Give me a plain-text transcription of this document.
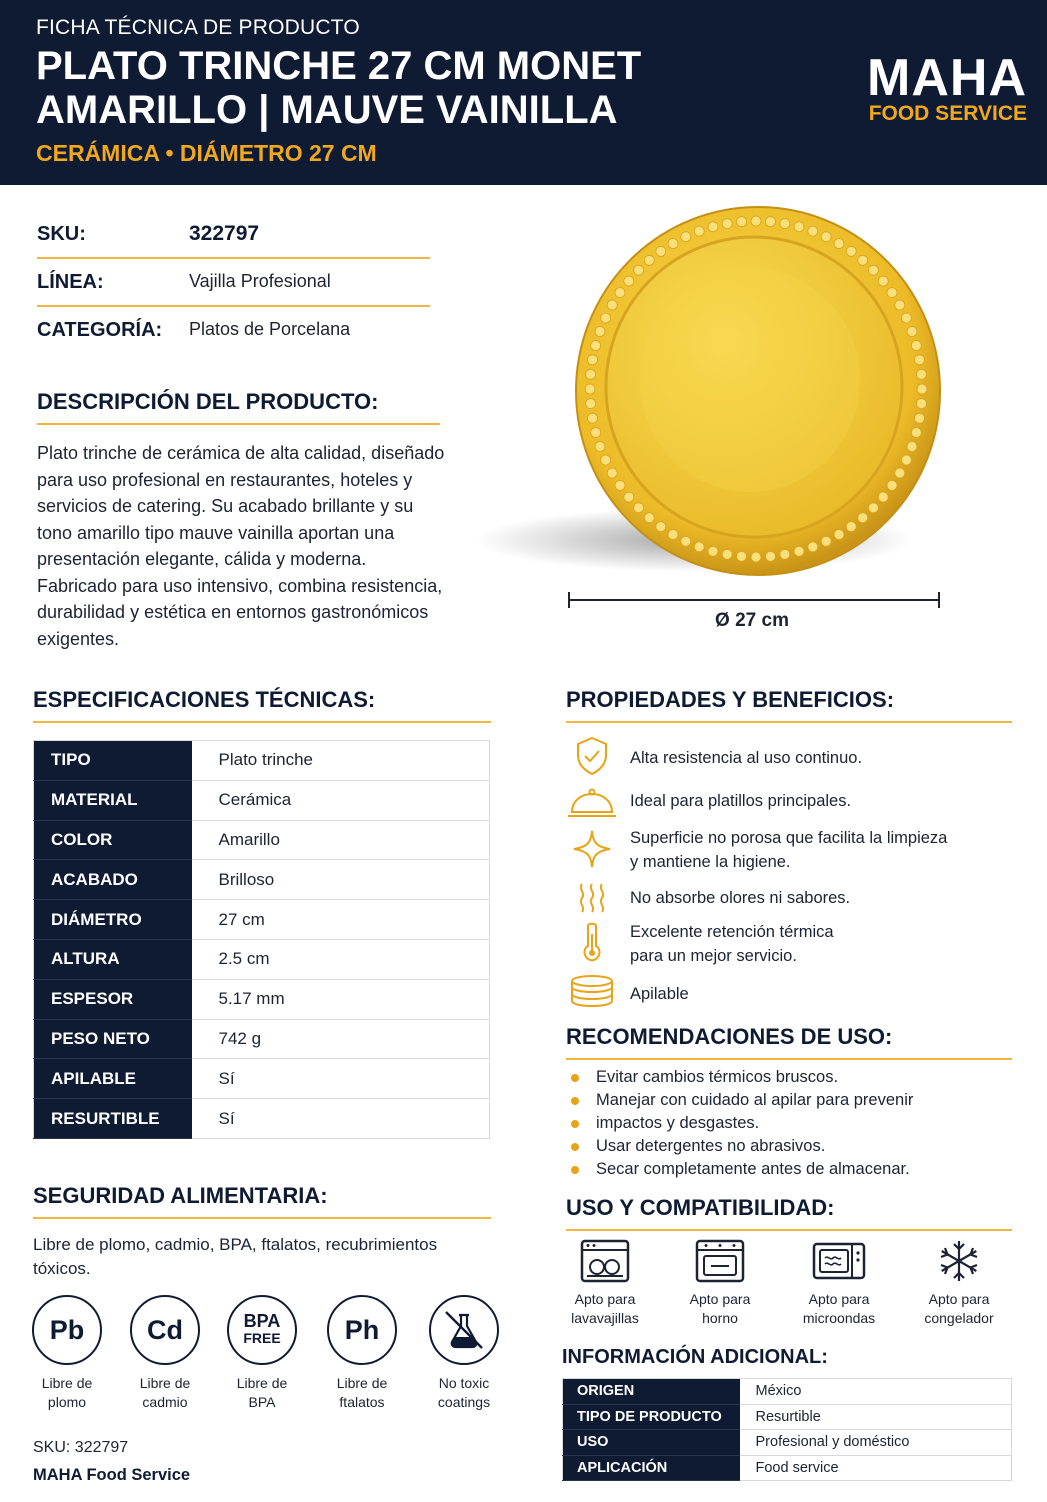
FICHA TÉCNICA DE PRODUCTO
PLATO TRINCHE 27 CM MONET AMARILLO | MAUVE VAINILLA
CERÁMICA • DIÁMETRO 27 CM
MAHA
FOOD SERVICE
SKU:	322797
LÍNEA:	Vajilla Profesional
CATEGORÍA: Platos de Porcelana
DESCRIPCIÓN DEL PRODUCTO:
Plato trinche de cerámica de alta calidad, diseñado para uso profesional en restaurantes, hoteles y servicios de catering. Su acabado brillante y su tono amarillo tipo mauve vainilla aportan una presentación elegante, cálida y moderna. Fabricado para uso intensivo, combina resistencia, durabilidad y estética en entornos gastronómicos exigentes.
Ø 27 cm
ESPECIFICACIONES TÉCNICAS:
TIPO	Plato trinche
MATERIAL	Cerámica
COLOR	Amarillo
ACABADO	Brilloso
DIÁMETRO	27 cm
ALTURA	2.5 cm
ESPESOR	5.17 mm
PESO NETO	742 g
APILABLE	Sí
RESURTIBLE	Sí
PROPIEDADES Y BENEFICIOS:
Alta resistencia al uso continuo.
Ideal para platillos principales.
Superficie no porosa que facilita la limpieza
y mantiene la higiene.
No absorbe olores ni sabores.
Excelente retención térmica
para un mejor servicio.
Apilable
RECOMENDACIONES DE USO:
Evitar cambios térmicos bruscos.
Manejar con cuidado al apilar para prevenir
impactos y desgastes.
Usar detergentes no abrasivos.
Secar completamente antes de almacenar.
USO Y COMPATIBILIDAD:
Apto para
lavavajillas
Apto para
horno
Apto para
microondas
Apto para
congelador
SEGURIDAD ALIMENTARIA:
Libre de plomo, cadmio, BPA, ftalatos, recubrimientos tóxicos.
Pb
Libre de
plomo
Cd
Libre de
cadmio
BPA
FREE
Libre de
BPA
Ph
Libre de
ftalatos
No toxic
coatings
SKU: 322797
MAHA Food Service
INFORMACIÓN ADICIONAL:
ORIGEN	México
TIPO DE PRODUCTO	Resurtible
USO	Profesional y doméstico
APLICACIÓN	Food service
